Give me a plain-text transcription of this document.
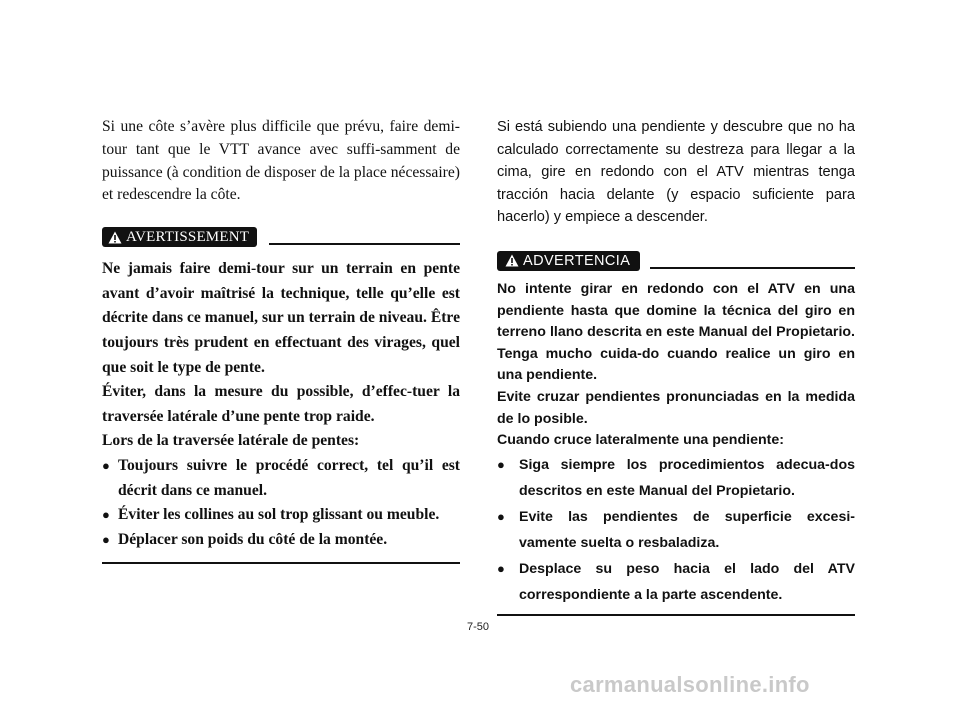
Si une côte s’avère plus difficile que prévu, faire demi-tour tant que le VTT avance avec suffi-samment de puissance (à condition de disposer de la place nécessaire) et redescendre la côte.

AVERTISSEMENT

Ne jamais faire demi-tour sur un terrain en pente avant d’avoir maîtrisé la technique, telle qu’elle est décrite dans ce manuel, sur un terrain de niveau. Être toujours très prudent en effectuant des virages, quel que soit le type de pente.

Éviter, dans la mesure du possible, d’effec-tuer la traversée latérale d’une pente trop raide.

Lors de la traversée latérale de pentes:

● Toujours suivre le procédé correct, tel qu’il est décrit dans ce manuel.
● Éviter les collines au sol trop glissant ou meuble.
● Déplacer son poids du côté de la montée.

Si está subiendo una pendiente y descubre que no ha calculado correctamente su destreza para llegar a la cima, gire en redondo con el ATV mientras tenga tracción hacia delante (y espacio suficiente para hacerlo) y empiece a descender.

ADVERTENCIA

No intente girar en redondo con el ATV en una pendiente hasta que domine la técnica del giro en terreno llano descrita en este Manual del Propietario. Tenga mucho cuida-do cuando realice un giro en una pendiente.

Evite cruzar pendientes pronunciadas en la medida de lo posible.

Cuando cruce lateralmente una pendiente:

● Siga siempre los procedimientos adecua-dos descritos en este Manual del Propietario.
● Evite las pendientes de superficie excesi-vamente suelta o resbaladiza.
● Desplace su peso hacia el lado del ATV correspondiente a la parte ascendente.
7-50
carmanualsonline.info
